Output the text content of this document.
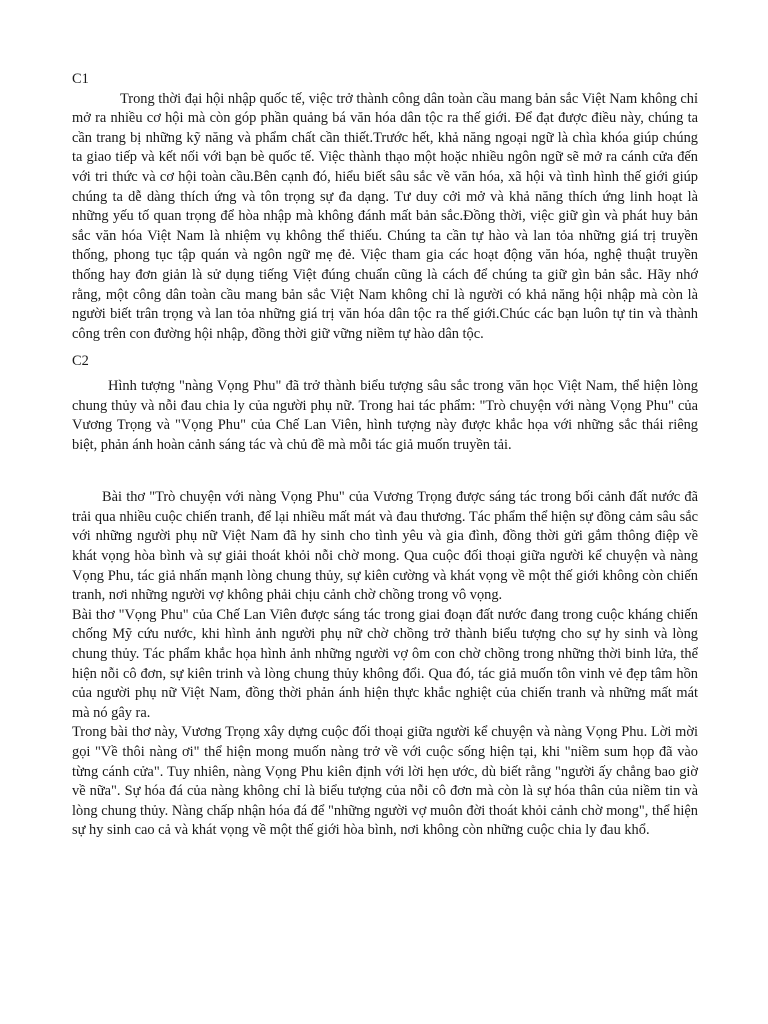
C1

Trong thời đại hội nhập quốc tế, việc trở thành công dân toàn cầu mang bản sắc Việt Nam không chỉ mở ra nhiều cơ hội mà còn góp phần quảng bá văn hóa dân tộc ra thế giới. Để đạt được điều này, chúng ta cần trang bị những kỹ năng và phẩm chất cần thiết.Trước hết, khả năng ngoại ngữ là chìa khóa giúp chúng ta giao tiếp và kết nối với bạn bè quốc tế. Việc thành thạo một hoặc nhiều ngôn ngữ sẽ mở ra cánh cửa đến với tri thức và cơ hội toàn cầu.Bên cạnh đó, hiểu biết sâu sắc về văn hóa, xã hội và tình hình thế giới giúp chúng ta dễ dàng thích ứng và tôn trọng sự đa dạng. Tư duy cởi mở và khả năng thích ứng linh hoạt là những yếu tố quan trọng để hòa nhập mà không đánh mất bản sắc.Đồng thời, việc giữ gìn và phát huy bản sắc văn hóa Việt Nam là nhiệm vụ không thể thiếu. Chúng ta cần tự hào và lan tỏa những giá trị truyền thống, phong tục tập quán và ngôn ngữ mẹ đẻ. Việc tham gia các hoạt động văn hóa, nghệ thuật truyền thống hay đơn giản là sử dụng tiếng Việt đúng chuẩn cũng là cách để chúng ta giữ gìn bản sắc. Hãy nhớ rằng, một công dân toàn cầu mang bản sắc Việt Nam không chỉ là người có khả năng hội nhập mà còn là người biết trân trọng và lan tỏa những giá trị văn hóa dân tộc ra thế giới.Chúc các bạn luôn tự tin và thành công trên con đường hội nhập, đồng thời giữ vững niềm tự hào dân tộc.

C2

Hình tượng "nàng Vọng Phu" đã trở thành biểu tượng sâu sắc trong văn học Việt Nam, thể hiện lòng chung thủy và nỗi đau chia ly của người phụ nữ. Trong hai tác phẩm: "Trò chuyện với nàng Vọng Phu" của Vương Trọng và "Vọng Phu" của Chế Lan Viên, hình tượng này được khắc họa với những sắc thái riêng biệt, phản ánh hoàn cảnh sáng tác và chủ đề mà mỗi tác giả muốn truyền tải.

Bài thơ "Trò chuyện với nàng Vọng Phu" của Vương Trọng được sáng tác trong bối cảnh đất nước đã trải qua nhiều cuộc chiến tranh, để lại nhiều mất mát và đau thương. Tác phẩm thể hiện sự đồng cảm sâu sắc với những người phụ nữ Việt Nam đã hy sinh cho tình yêu và gia đình, đồng thời gửi gắm thông điệp về khát vọng hòa bình và sự giải thoát khỏi nỗi chờ mong. Qua cuộc đối thoại giữa người kể chuyện và nàng Vọng Phu, tác giả nhấn mạnh lòng chung thủy, sự kiên cường và khát vọng về một thế giới không còn chiến tranh, nơi những người vợ không phải chịu cảnh chờ chồng trong vô vọng.

Bài thơ "Vọng Phu" của Chế Lan Viên được sáng tác trong giai đoạn đất nước đang trong cuộc kháng chiến chống Mỹ cứu nước, khi hình ảnh người phụ nữ chờ chồng trở thành biểu tượng cho sự hy sinh và lòng chung thủy. Tác phẩm khắc họa hình ảnh những người vợ ôm con chờ chồng trong những thời binh lửa, thể hiện nỗi cô đơn, sự kiên trinh và lòng chung thủy không đổi. Qua đó, tác giả muốn tôn vinh vẻ đẹp tâm hồn của người phụ nữ Việt Nam, đồng thời phản ánh hiện thực khắc nghiệt của chiến tranh và những mất mát mà nó gây ra.

Trong bài thơ này, Vương Trọng xây dựng cuộc đối thoại giữa người kể chuyện và nàng Vọng Phu. Lời mời gọi "Về thôi nàng ơi" thể hiện mong muốn nàng trở về với cuộc sống hiện tại, khi "niềm sum họp đã vào từng cánh cửa". Tuy nhiên, nàng Vọng Phu kiên định với lời hẹn ước, dù biết rằng "người ấy chẳng bao giờ về nữa". Sự hóa đá của nàng không chỉ là biểu tượng của nỗi cô đơn mà còn là sự hóa thân của niềm tin và lòng chung thủy. Nàng chấp nhận hóa đá để "những người vợ muôn đời thoát khỏi cảnh chờ mong", thể hiện sự hy sinh cao cả và khát vọng về một thế giới hòa bình, nơi không còn những cuộc chia ly đau khổ.
